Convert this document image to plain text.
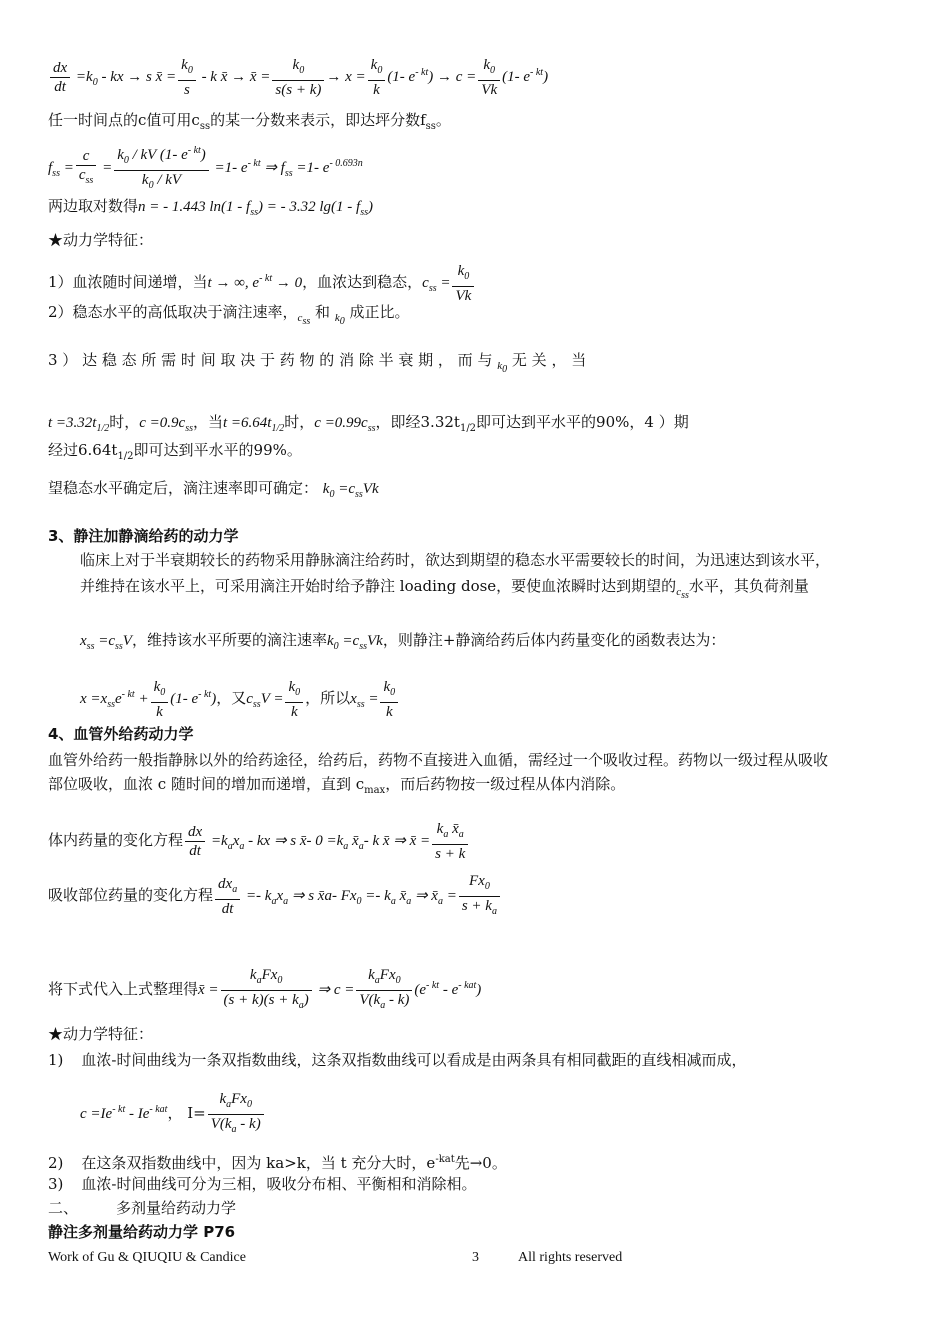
$\frac{dx}{dt} =k_0$ - kx → s x̄ = $\frac{k_0}{s}$ - k x̄ → x̄ = $\frac{k_0}{s(s + k)} \to x = \frac{k_0}{k} (1-$ $e^{- kt}) \to c = \frac{k_0}{Vk} (1-$ $e^{- kt}$)
任一时间点的c值可用$c_{ss}$的某一分数来表示，即达坪分数$f_{ss}$。
$f_{ss} = \frac{c}{c_{ss}} = \frac{k_0 / kV (1- e^{- kt})}{k_0 / kV} =1-$ $e^{- kt}$ ⇒ $f_{ss} =1-$ $e^{- 0.693n}$
两边取对数得n = - 1.443 $\ln(1 - f_{ss})$ = - 3.32 $\lg(1 - f_{ss})$
★动力学特征：
1）血浓随时间递增，当t → ∞, $e^{- kt} \to 0$，血浓达到稳态，$c_{ss} = \frac{k_0}{Vk}$
2）稳态水平的高低取决于滴注速率，$_{css}$ 和 $_{k0}$ 成正比。
3 ） 达 稳 态 所 需 时 间 取 决 于 药 物 的 消 除 半 衰 期 ， 而 与 $_{k0}$ 无 关 ， 当
$t =3.32t_{1/2}$时，$c =0.9c_{ss}$，当$t =6.64t_{1/2}$时，$c =0.99c_{ss}$，即经$3.32t_{1/2}$即可达到平水平的90%，4 ）期
经过$6.64t_{1/2}$即可达到平水平的99%。
望稳态水平确定后，滴注速率即可确定： $k_0 =c_{ss}Vk$
3、静注加静滴给药的动力学
临床上对于半衰期较长的药物采用静脉滴注给药时，欲达到期望的稳态水平需要较长的时间，为迅速达到该水平，
并维持在该水平上，可采用滴注开始时给予静注 loading dose，要使血浓瞬时达到期望的$_{css}$水平，其负荷剂量
$x_{ss} =c_{ss}V$，维持该水平所要的滴注速率$k_0 =c_{ss}Vk$，则静注+静滴给药后体内药量变化的函数表达为：
$x =x_{ss}e^{- kt} + \frac{k_0}{k} (1-$ $e^{- kt}$)，又$c_{ss}V = \frac{k_0}{k}$ ，所以$x_{ss} = \frac{k_0}{k}$
4、血管外给药动力学
血管外给药一般指静脉以外的给药途径，给药后，药物不直接进入血循，需经过一个吸收过程。药物以一级过程从吸收
部位吸收，血浓 c 随时间的增加而递增，直到 $c_{max}$，而后药物按一级过程从体内消除。
体内药量的变化方程 $\frac{dx}{dt} =k_ax_a$ - kx ⇒ s x̄- $0 =k_a$ $x̄_a-$ k x̄ ⇒ x̄ = $\frac{k_a x̄_a}{s + k}$
吸收部位药量的变化方程 $\frac{dx_a}{dt} =- k_ax_a$ ⇒ s x̄a- $Fx_0 =- k_a$ $x̄_a$ ⇒ $x̄_a = \frac{Fx_0}{s + k_a}$
将下式代入上式整理得x̄ = $\frac{k_aFx_0}{(s + k)(s + k_a)}$ ⇒ $c = \frac{k_aFx_0}{V(k_a - k)} (e^{- kt} - e^{- kat})$
★动力学特征：
1) 血浓-时间曲线为一条双指数曲线，这条双指数曲线可以看成是由两条具有相同截距的直线相减而成，
$c =Ie^{- kt} - Ie^{- kat}$， $I= \frac{k_aFx_0}{V(k_a - k)}$
2) 在这条双指数曲线中，因为 ka>k，当 t 充分大时，$e^{-kat}$先→0。
3) 血浓-时间曲线可分为三相，吸收分布相、平衡相和消除相。
二、	多剂量给药动力学
静注多剂量给药动力学 P76
Work of Gu & QIUQIU & Candice	3	All rights reserved
